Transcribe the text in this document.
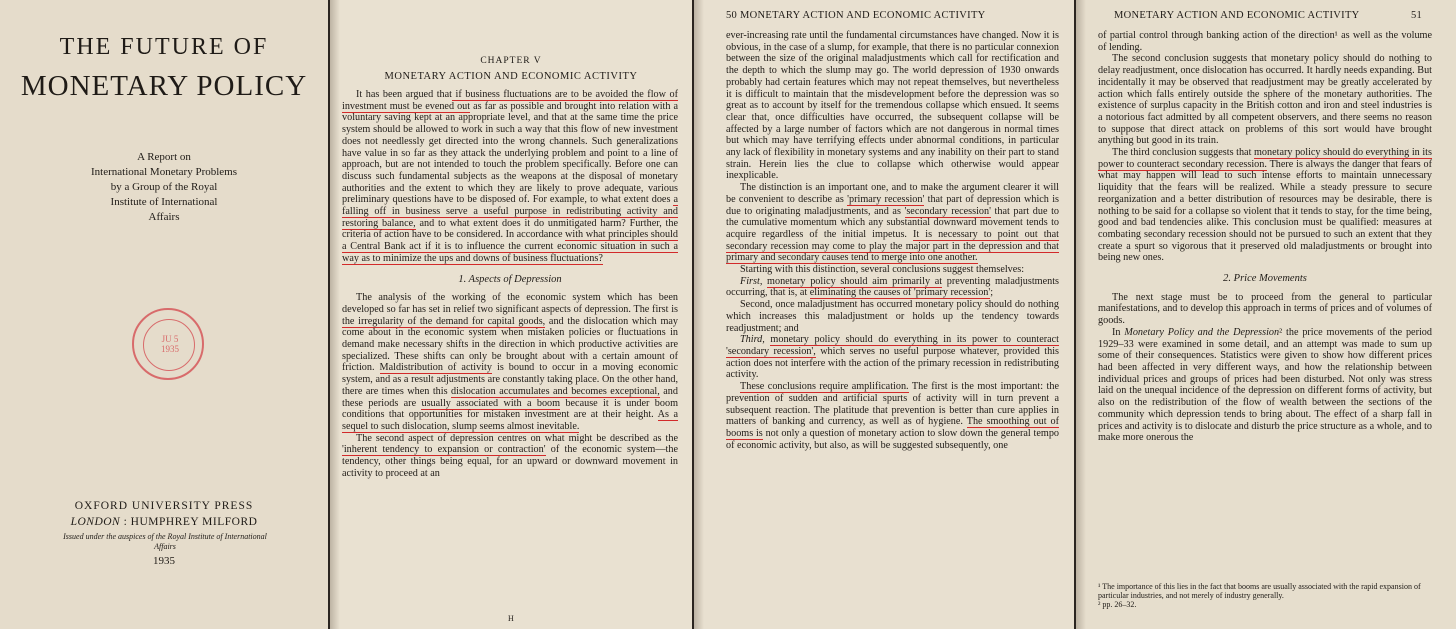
THE FUTURE OF
MONETARY POLICY
A Report on
International Monetary Problems
by a Group of the Royal
Institute of International
Affairs
JU 5
1935
OXFORD UNIVERSITY PRESS
LONDON : HUMPHREY MILFORD
Issued under the auspices of the Royal Institute of International Affairs
1935
CHAPTER V
MONETARY ACTION AND ECONOMIC ACTIVITY

It has been argued that if business fluctuations are to be avoided the flow of investment must be evened out as far as possible and brought into relation with a voluntary saving kept at an appropriate level, and that at the same time the price system should be allowed to work in such a way that this flow of new investment does not needlessly get directed into the wrong channels. Such generalizations have value in so far as they attack the underlying problem and point to a line of approach, but are not intended to touch the problem specifically. Before one can discuss such fundamental subjects as the weapons at the disposal of monetary authorities and the extent to which they are likely to prove adequate, various preliminary questions have to be disposed of. For example, to what extent does a falling off in business serve a useful purpose in redistributing activity and restoring balance, and to what extent does it do unmitigated harm? Further, the criteria of action have to be considered. In accordance with what principles should a Central Bank act if it is to influence the current economic situation in such a way as to minimize the ups and downs of business fluctuations?

1. Aspects of Depression

The analysis of the working of the economic system which has been developed so far has set in relief two significant aspects of depression. The first is the irregularity of the demand for capital goods, and the dislocation which may come about in the economic system when mistaken policies or fluctuations in demand make necessary shifts in the direction in which productive activities are specialized. These shifts can only be brought about with a certain amount of friction. Maldistribution of activity is bound to occur in a moving economic system, and as a result adjustments are constantly taking place. On the other hand, there are times when this dislocation accumulates and becomes exceptional, and these periods are usually associated with a boom because it is under boom conditions that opportunities for mistaken investment are at their height. As a sequel to such dislocation, slump seems almost inevitable.

The second aspect of depression centres on what might be described as the 'inherent tendency to expansion or contraction' of the economic system—the tendency, other things being equal, for an upward or downward movement in activity to proceed at an

H
50 MONETARY ACTION AND ECONOMIC ACTIVITY

ever-increasing rate until the fundamental circumstances have changed. Now it is obvious, in the case of a slump, for example, that there is no particular connexion between the size of the original maladjustments which call for rectification and the depth to which the slump may go. The world depression of 1930 onwards probably had certain features which may not repeat themselves, but nevertheless it is difficult to maintain that the misdevelopment before the depression was so great as to account by itself for the tremendous collapse which ensued. It seems clear that, once difficulties have occurred, the subsequent collapse will be affected by a large number of factors which are not dangerous in normal times but which may have terrifying effects under abnormal conditions, in particular any lack of flexibility in monetary systems and any inability on their part to stand strain. Herein lies the clue to collapse which otherwise would appear inexplicable.

The distinction is an important one, and to make the argument clearer it will be convenient to describe as 'primary recession' that part of depression which is due to originating maladjustments, and as 'secondary recession' that part due to the cumulative momentum which any substantial downward movement tends to acquire regardless of the initial impetus. It is necessary to point out that secondary recession may come to play the major part in the depression and that primary and secondary causes tend to merge into one another.

Starting with this distinction, several conclusions suggest themselves:

First, monetary policy should aim primarily at preventing maladjustments occurring, that is, at eliminating the causes of 'primary recession';

Second, once maladjustment has occurred monetary policy should do nothing which increases this maladjustment or holds up the tendency towards readjustment; and

Third, monetary policy should do everything in its power to counteract 'secondary recession', which serves no useful purpose whatever, provided this action does not interfere with the action of the primary recession in redistributing activity.

These conclusions require amplification. The first is the most important: the prevention of sudden and artificial spurts of activity will in turn prevent a subsequent reaction. The platitude that prevention is better than cure applies in matters of banking and currency, as well as of hygiene. The smoothing out of booms is not only a question of monetary action to slow down the general tempo of economic activity, but also, as will be suggested subsequently, one

MONETARY ACTION AND ECONOMIC ACTIVITY	51

of partial control through banking action of the direction¹ as well as the volume of lending.

The second conclusion suggests that monetary policy should do nothing to delay readjustment, once dislocation has occurred. It hardly needs expanding. But incidentally it may be observed that readjustment may be greatly accelerated by action which falls entirely outside the sphere of the monetary authorities. The existence of surplus capacity in the British cotton and iron and steel industries is a notorious fact admitted by all competent observers, and there seems no reason to suppose that direct attack on problems of this sort would have brought anything but good in its train.

The third conclusion suggests that monetary policy should do everything in its power to counteract secondary recession. There is always the danger that fears of what may happen will lead to such intense efforts to maintain unnecessary liquidity that the fears will be realized. While a steady pressure to secure reorganization and a better distribution of resources may be desirable, there is nothing to be said for a collapse so violent that it tends to stay, for the time being, good and bad tendencies alike. This conclusion must be qualified: measures at combating secondary recession should not be pursued to such an extent that they create a spurt so vigorous that it preserved old maladjustments or brought into being new ones.

2. Price Movements

The next stage must be to proceed from the general to particular manifestations, and to develop this approach in terms of prices and of volumes of goods.

In Monetary Policy and the Depression² the price movements of the period 1929–33 were examined in some detail, and an attempt was made to sum up some of their consequences. Statistics were given to show how different prices had been affected in very different ways, and how the relationship between individual prices and groups of prices had been disturbed. Not only was stress laid on the unequal incidence of the depression on different forms of activity, but also on the redistribution of the flow of wealth between the sections of the community which depression tends to bring about. The effect of a sharp fall in prices and activity is to dislocate and disturb the price structure as a whole, and to make more onerous the

¹ The importance of this lies in the fact that booms are usually associated with the rapid expansion of particular industries, and not merely of industry generally.
² pp. 26–32.
